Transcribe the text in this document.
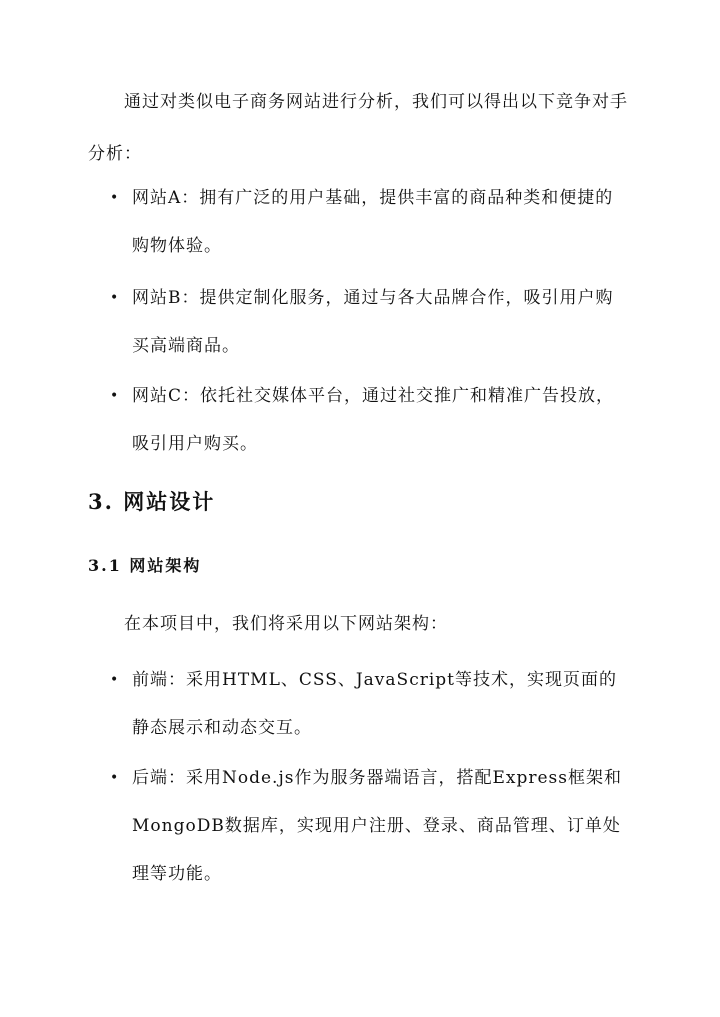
通过对类似电子商务网站进行分析，我们可以得出以下竞争对手分析：

• 网站A：拥有广泛的用户基础，提供丰富的商品种类和便捷的购物体验。
• 网站B：提供定制化服务，通过与各大品牌合作，吸引用户购买高端商品。
• 网站C：依托社交媒体平台，通过社交推广和精准广告投放，吸引用户购买。
3. 网站设计
3.1 网站架构

在本项目中，我们将采用以下网站架构：

• 前端：采用HTML、CSS、JavaScript等技术，实现页面的静态展示和动态交互。
• 后端：采用Node.js作为服务器端语言，搭配Express框架和MongoDB数据库，实现用户注册、登录、商品管理、订单处理等功能。
